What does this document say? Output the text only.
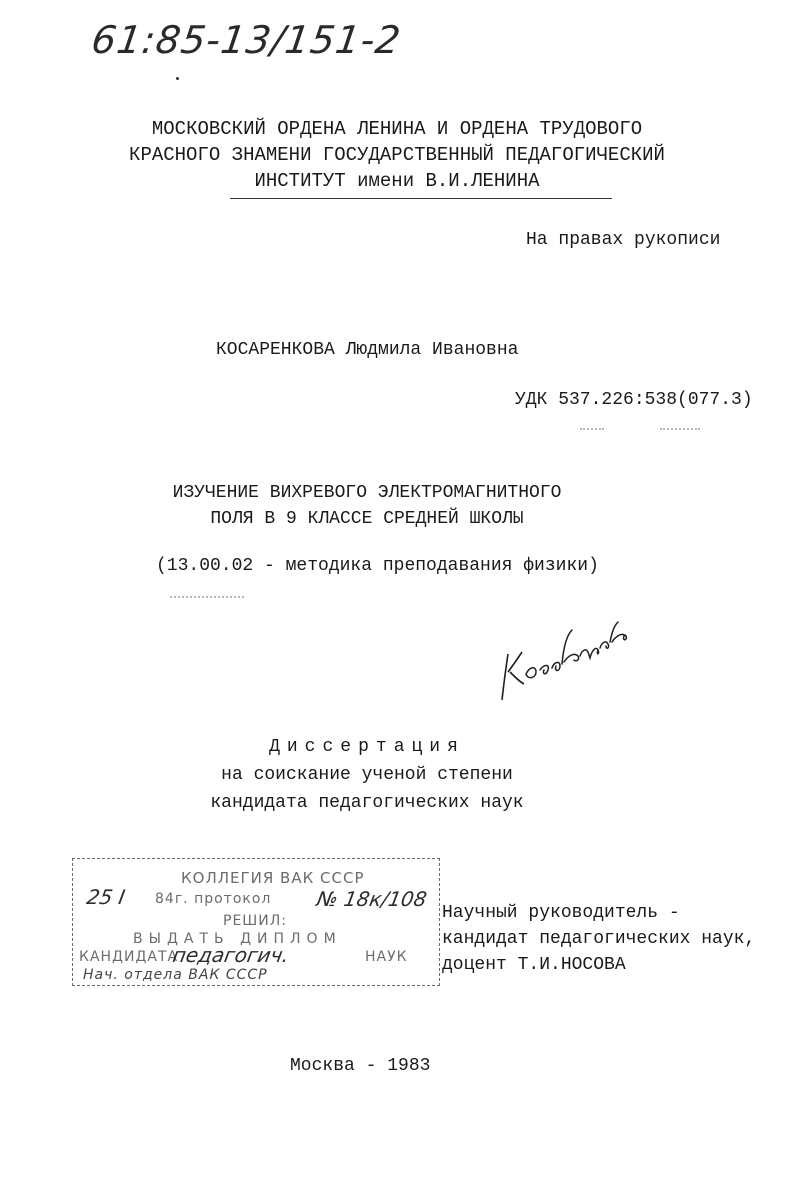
61:85-13/151-2
МОСКОВСКИЙ ОРДЕНА ЛЕНИНА И ОРДЕНА ТРУДОВОГО
КРАСНОГО ЗНАМЕНИ ГОСУДАРСТВЕННЫЙ ПЕДАГОГИЧЕСКИЙ
ИНСТИТУТ имени В.И.ЛЕНИНА
На правах рукописи
КОСАРЕНКОВА Людмила Ивановна
УДК 537.226:538(077.3)
ИЗУЧЕНИЕ ВИХРЕВОГО ЭЛЕКТРОМАГНИТНОГО
ПОЛЯ В 9 КЛАССЕ СРЕДНЕЙ ШКОЛЫ
(13.00.02 - методика преподавания физики)
Косаренкова
Диссертация
на соискание ученой степени
кандидата педагогических наук
КОЛЛЕГИЯ ВАК СССР
25 I 84г. протокол № 18к/108
РЕШИЛ:
ВЫДАТЬ ДИПЛОМ
КАНДИДАТА
педагогич.	НАУК
Нач. отдела ВАК СССР
Научный руководитель -
кандидат педагогических наук,
доцент Т.И.НОСОВА
Москва - 1983
